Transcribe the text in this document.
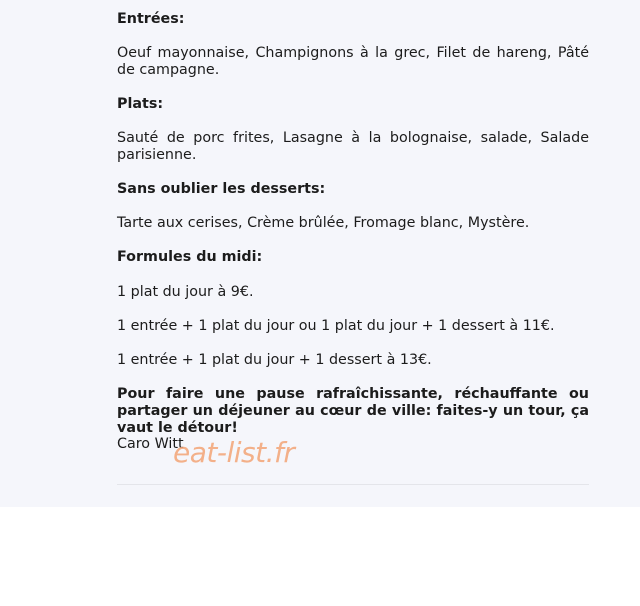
Entrées:

Oeuf mayonnaise, Champignons à la grec, Filet de hareng, Pâté de campagne.

Plats:

Sauté de porc frites, Lasagne à la bolognaise, salade, Salade parisienne.

Sans oublier les desserts:

Tarte aux cerises, Crème brûlée, Fromage blanc, Mystère.

Formules du midi:

1 plat du jour à 9€.

1 entrée + 1 plat du jour ou 1 plat du jour + 1 dessert à 11€.

1 entrée + 1 plat du jour + 1 dessert à 13€.

Pour faire une pause rafraîchissante, réchauffante ou partager un déjeuner au cœur de ville: faites-y un tour, ça vaut le détour!

Caro Witt
eat-list.fr
